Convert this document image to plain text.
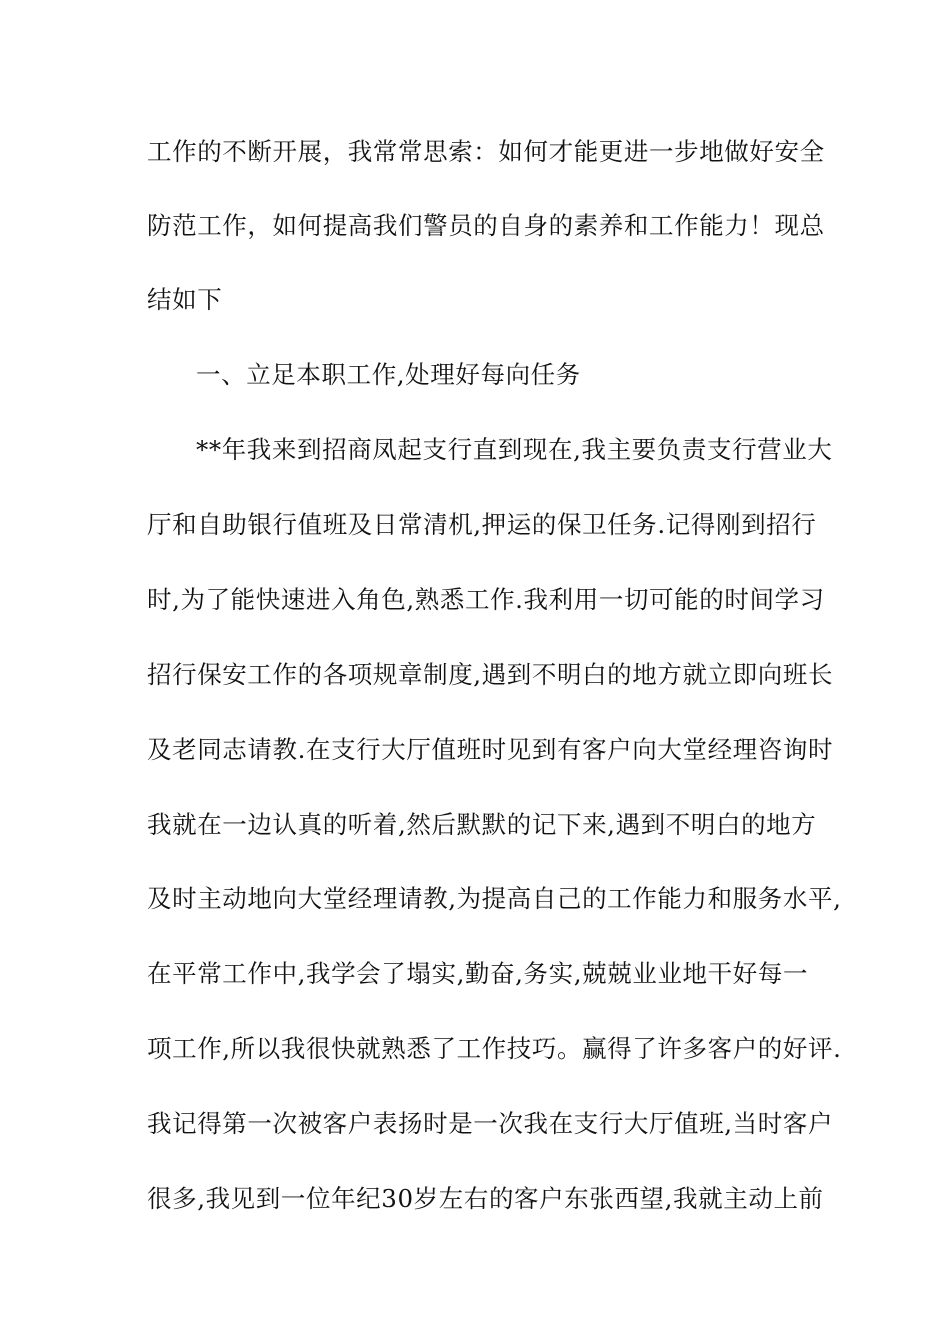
工作的不断开展，我常常思索：如何才能更进一步地做好安全
防范工作，如何提高我们警员的自身的素养和工作能力！现总
结如下
一、立足本职工作,处理好每向任务
**年我来到招商凤起支行直到现在,我主要负责支行营业大
厅和自助银行值班及日常清机,押运的保卫任务.记得刚到招行
时,为了能快速进入角色,熟悉工作.我利用一切可能的时间学习
招行保安工作的各项规章制度,遇到不明白的地方就立即向班长
及老同志请教.在支行大厅值班时见到有客户向大堂经理咨询时
我就在一边认真的听着,然后默默的记下来,遇到不明白的地方
及时主动地向大堂经理请教,为提高自己的工作能力和服务水平,
在平常工作中,我学会了塌实,勤奋,务实,兢兢业业地干好每一
项工作,所以我很快就熟悉了工作技巧。赢得了许多客户的好评.
我记得第一次被客户表扬时是一次我在支行大厅值班,当时客户
很多,我见到一位年纪30岁左右的客户东张西望,我就主动上前
